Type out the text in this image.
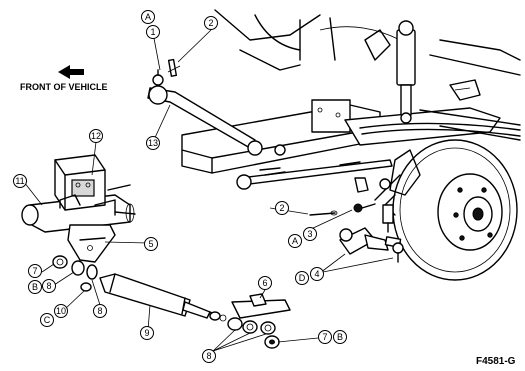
FRONT OF VEHICLE
A
1
2
13
12
11
5
2
A
3
D 4
6
7 B
8
9
8
10
C
8
7
B
F4581-G
